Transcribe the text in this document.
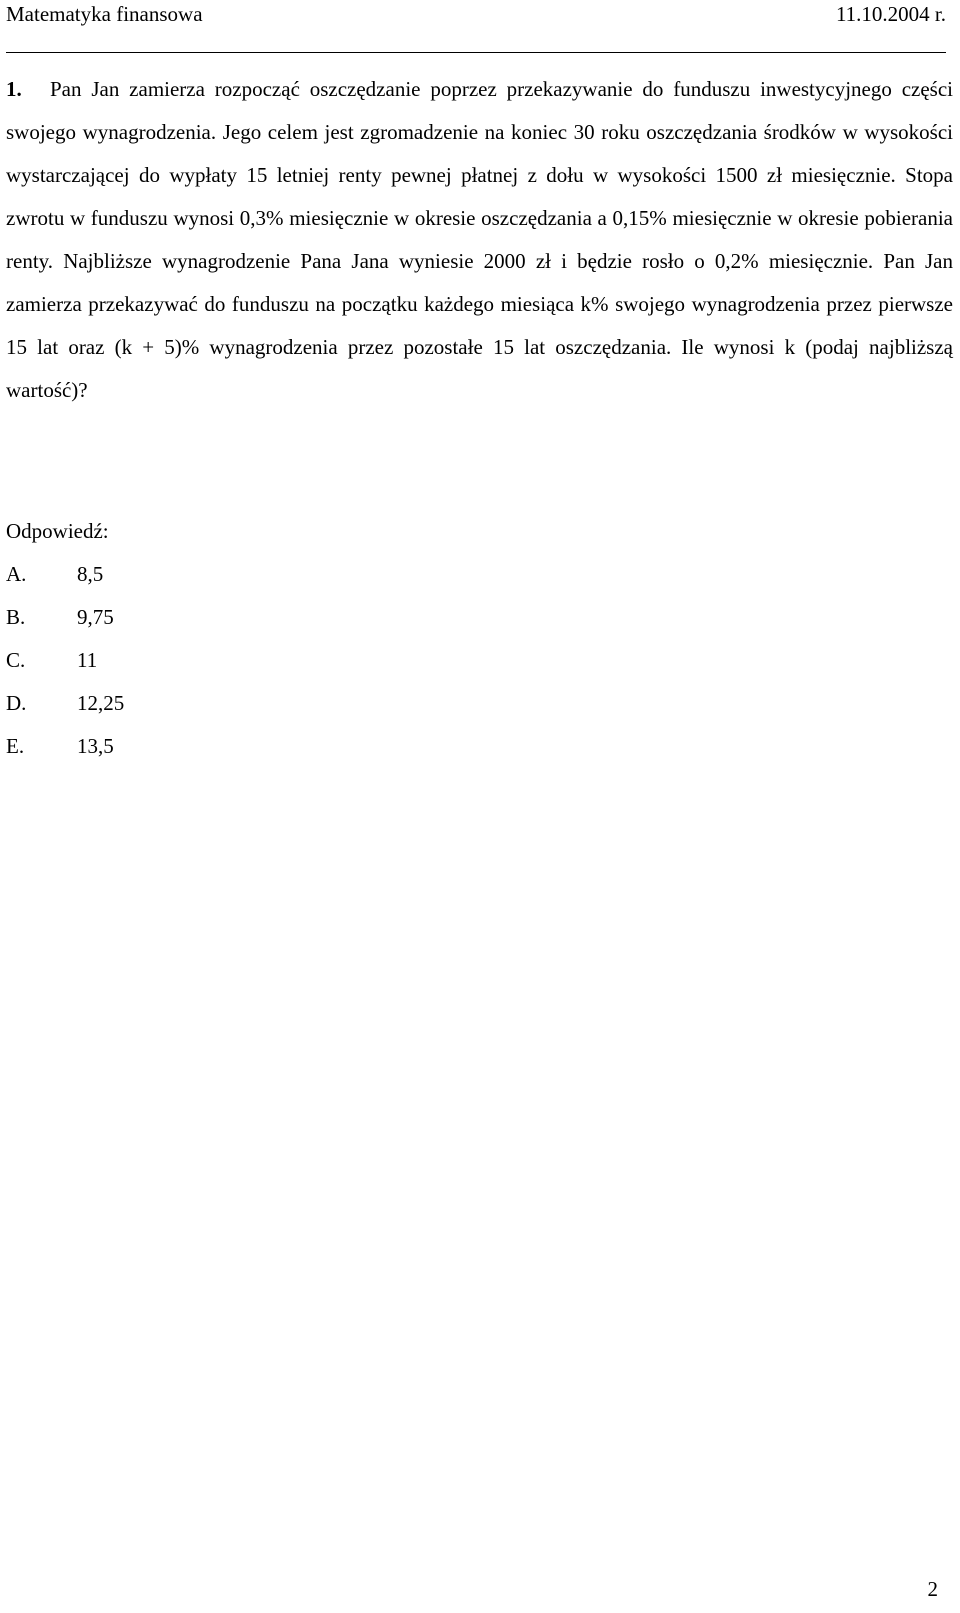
Matematyka finansowa	11.10.2004 r.

1. Pan Jan zamierza rozpocząć oszczędzanie poprzez przekazywanie do funduszu inwestycyjnego części swojego wynagrodzenia. Jego celem jest zgromadzenie na koniec 30 roku oszczędzania środków w wysokości wystarczającej do wypłaty 15 letniej renty pewnej płatnej z dołu w wysokości 1500 zł miesięcznie. Stopa zwrotu w funduszu wynosi 0,3% miesięcznie w okresie oszczędzania a 0,15% miesięcznie w okresie pobierania renty. Najbliższe wynagrodzenie Pana Jana wyniesie 2000 zł i będzie rosło o 0,2% miesięcznie. Pan Jan zamierza przekazywać do funduszu na początku każdego miesiąca k% swojego wynagrodzenia przez pierwsze 15 lat oraz (k + 5)% wynagrodzenia przez pozostałe 15 lat oszczędzania. Ile wynosi k (podaj najbliższą wartość)?

Odpowiedź:
A. 8,5
B. 9,75
C. 11
D. 12,25
E.	13,5
2
